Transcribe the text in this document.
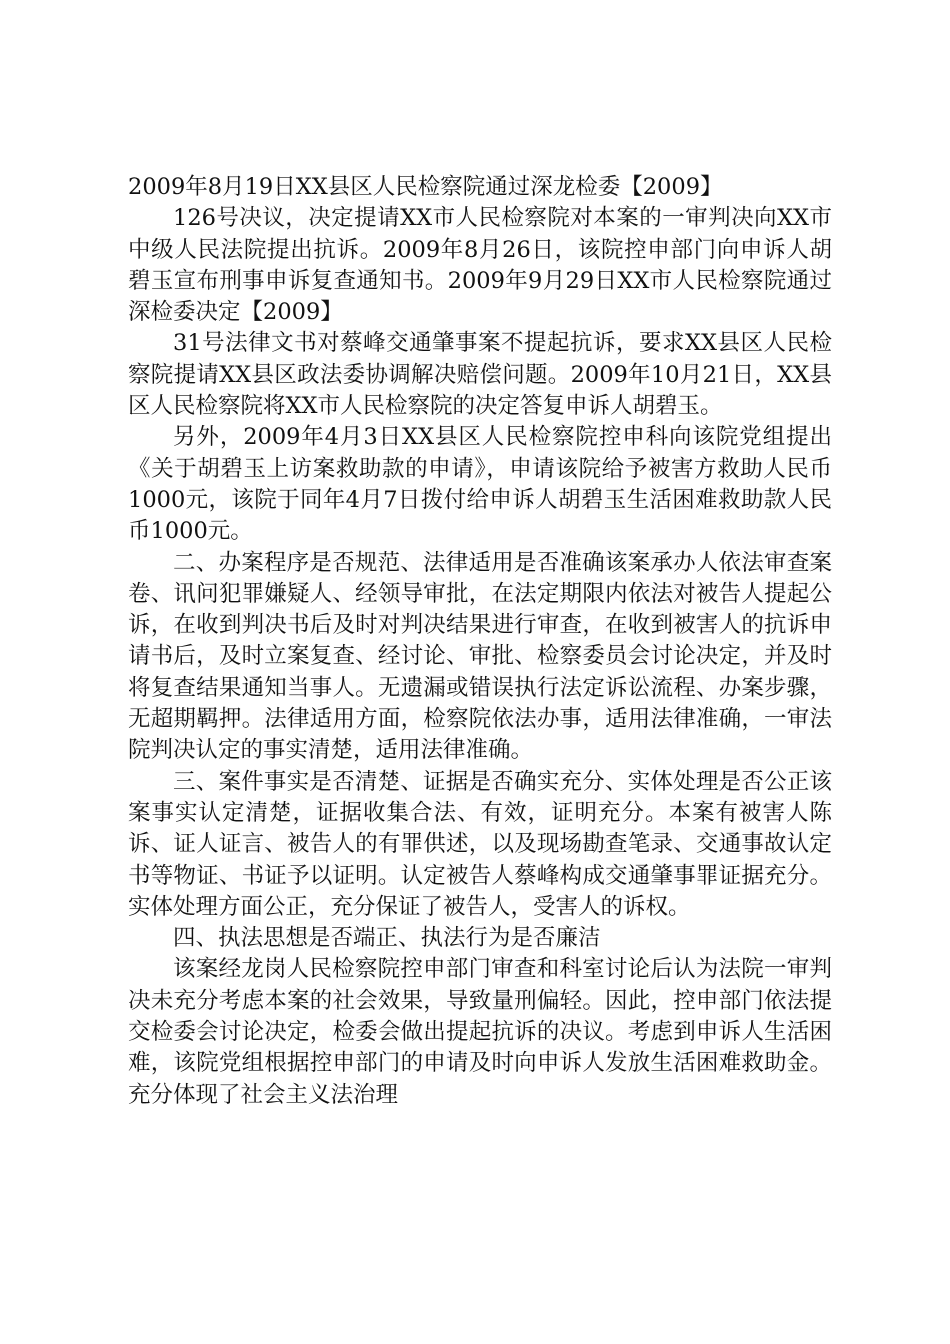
2009年8月19日XX县区人民检察院通过深龙检委【2009】

126号决议，决定提请XX市人民检察院对本案的一审判决向XX市中级人民法院提出抗诉。2009年8月26日，该院控申部门向申诉人胡碧玉宣布刑事申诉复查通知书。2009年9月29日XX市人民检察院通过深检委决定【2009】

31号法律文书对蔡峰交通肇事案不提起抗诉，要求XX县区人民检察院提请XX县区政法委协调解决赔偿问题。2009年10月21日，XX县区人民检察院将XX市人民检察院的决定答复申诉人胡碧玉。

另外，2009年4月3日XX县区人民检察院控申科向该院党组提出《关于胡碧玉上访案救助款的申请》，申请该院给予被害方救助人民币1000元，该院于同年4月7日拨付给申诉人胡碧玉生活困难救助款人民币1000元。

二、办案程序是否规范、法律适用是否准确该案承办人依法审查案卷、讯问犯罪嫌疑人、经领导审批，在法定期限内依法对被告人提起公诉，在收到判决书后及时对判决结果进行审查，在收到被害人的抗诉申请书后，及时立案复查、经讨论、审批、检察委员会讨论决定，并及时将复查结果通知当事人。无遗漏或错误执行法定诉讼流程、办案步骤，无超期羁押。法律适用方面，检察院依法办事，适用法律准确，一审法院判决认定的事实清楚，适用法律准确。

三、案件事实是否清楚、证据是否确实充分、实体处理是否公正该案事实认定清楚，证据收集合法、有效，证明充分。本案有被害人陈诉、证人证言、被告人的有罪供述，以及现场勘查笔录、交通事故认定书等物证、书证予以证明。认定被告人蔡峰构成交通肇事罪证据充分。实体处理方面公正，充分保证了被告人，受害人的诉权。

四、执法思想是否端正、执法行为是否廉洁

该案经龙岗人民检察院控申部门审查和科室讨论后认为法院一审判决未充分考虑本案的社会效果，导致量刑偏轻。因此，控申部门依法提交检委会讨论决定，检委会做出提起抗诉的决议。考虑到申诉人生活困难，该院党组根据控申部门的申请及时向申诉人发放生活困难救助金。充分体现了社会主义法治理
